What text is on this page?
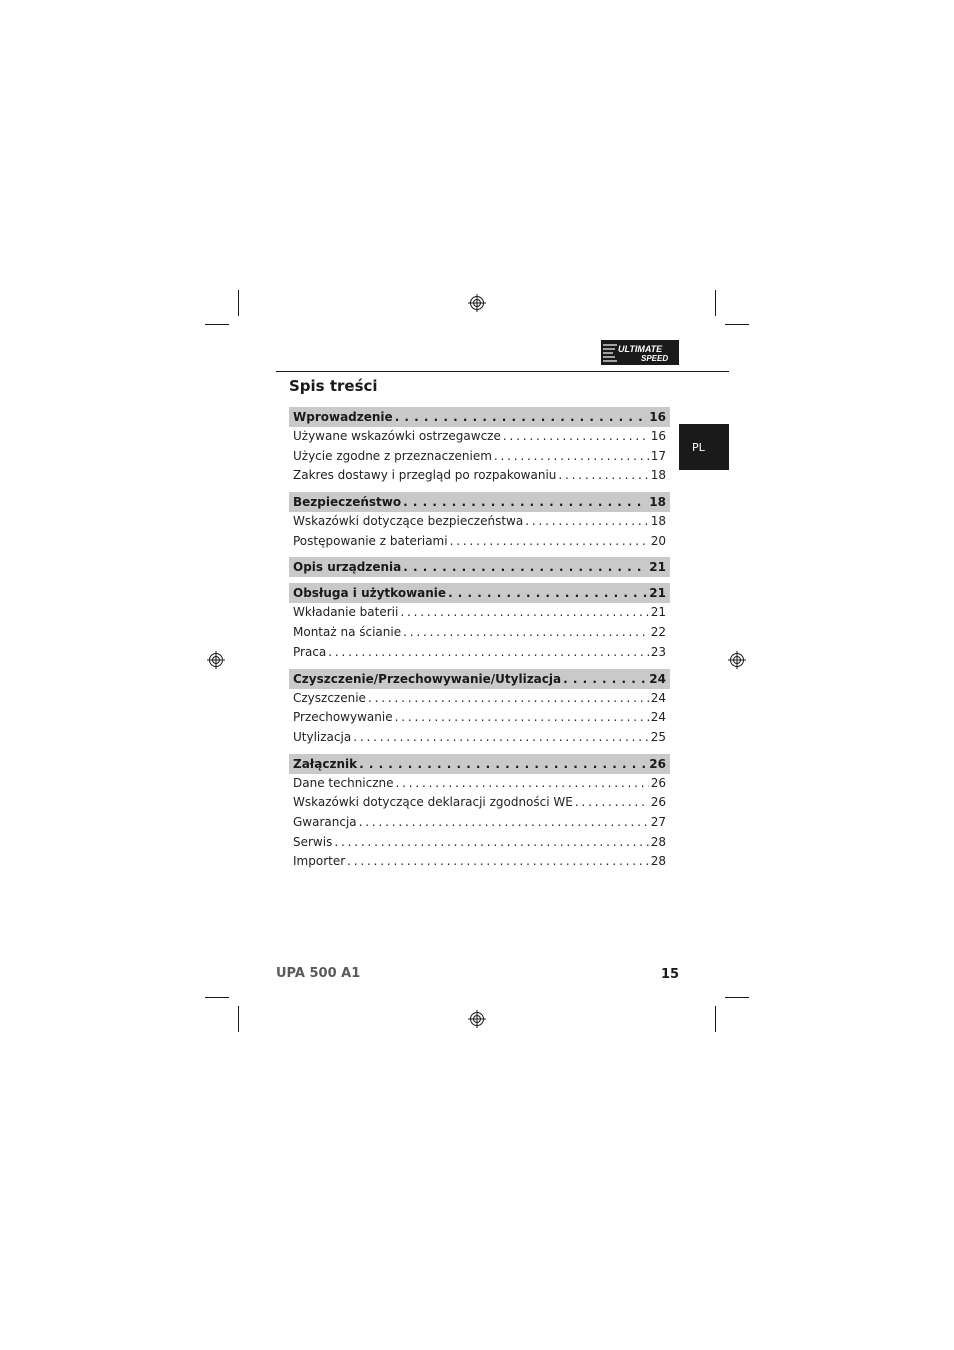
ULTIMATE
SPEED
Spis treści
PL
Wprowadzenie . . .	16
Używane wskazówki ostrzegawcze . . .	16
Użycie zgodne z przeznaczeniem . . .	17
Zakres dostawy i przegląd po rozpakowaniu . . .	18
Bezpieczeństwo . . .	18
Wskazówki dotyczące bezpieczeństwa . . .	18
Postępowanie z bateriami . . .	20
Opis urządzenia . . .	21
Obsługa i użytkowanie . . .	21
Wkładanie baterii . . .	21
Montaż na ścianie . . .	22
Praca . . .	23
Czyszczenie/Przechowywanie/Utylizacja . . .	24
Czyszczenie . . .	24
Przechowywanie . . .	24
Utylizacja . . .	25
Załącznik . . .	26
Dane techniczne . . .	26
Wskazówki dotyczące deklaracji zgodności WE . . .	26
Gwarancja . . .	27
Serwis . . .	28
Importer . . .	28
UPA 500 A1	15
